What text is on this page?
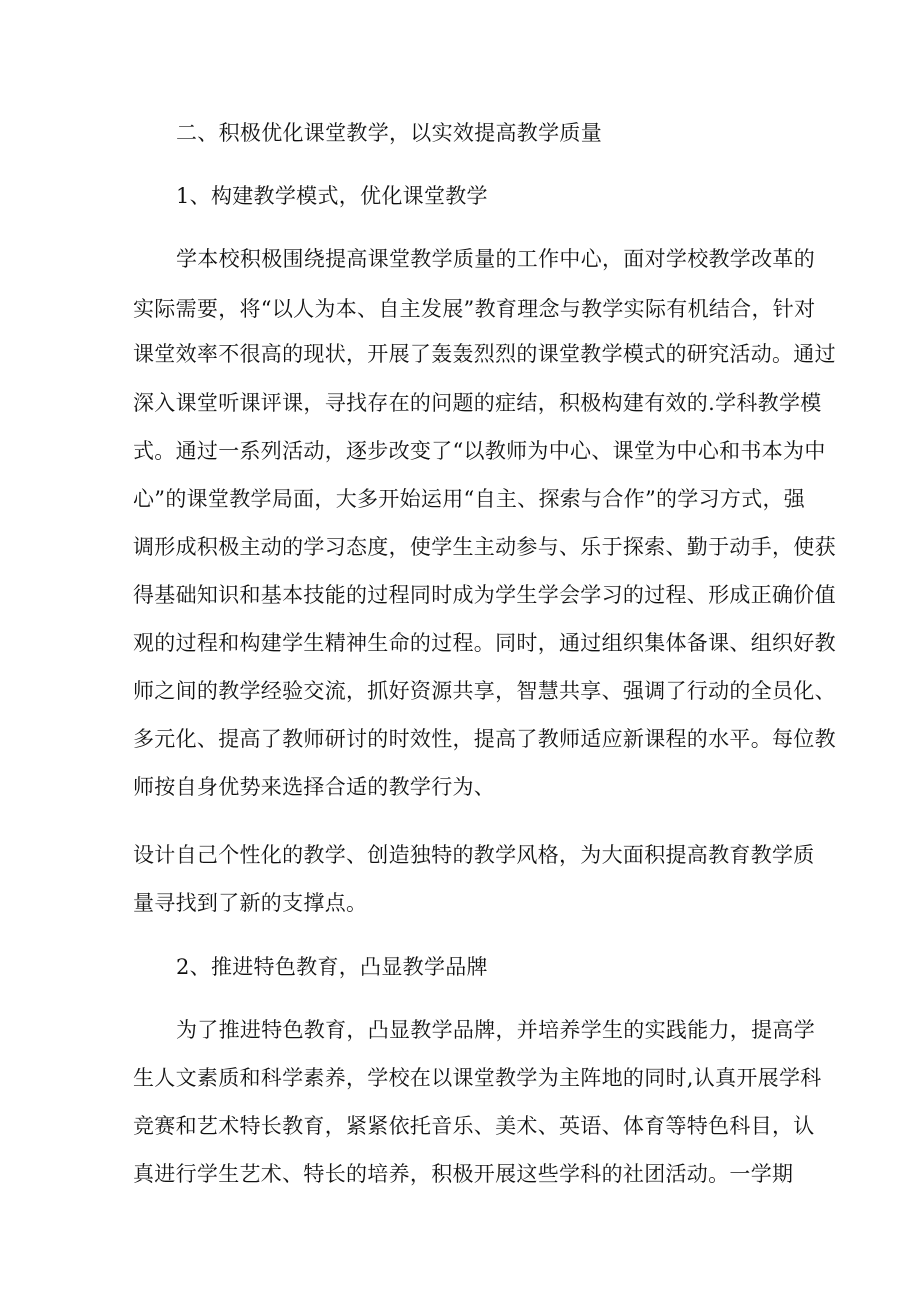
二、积极优化课堂教学，以实效提高教学质量
1、构建教学模式，优化课堂教学
学本校积极围绕提高课堂教学质量的工作中心，面对学校教学改革的
实际需要，将“以人为本、自主发展”教育理念与教学实际有机结合，针对
课堂效率不很高的现状，开展了轰轰烈烈的课堂教学模式的研究活动。通过
深入课堂听课评课，寻找存在的问题的症结，积极构建有效的.学科教学模
式。通过一系列活动，逐步改变了“以教师为中心、课堂为中心和书本为中
心”的课堂教学局面，大多开始运用“自主、探索与合作”的学习方式，强
调形成积极主动的学习态度，使学生主动参与、乐于探索、勤于动手，使获
得基础知识和基本技能的过程同时成为学生学会学习的过程、形成正确价值
观的过程和构建学生精神生命的过程。同时，通过组织集体备课、组织好教
师之间的教学经验交流，抓好资源共享，智慧共享、强调了行动的全员化、
多元化、提高了教师研讨的时效性，提高了教师适应新课程的水平。每位教
师按自身优势来选择合适的教学行为、
设计自己个性化的教学、创造独特的教学风格，为大面积提高教育教学质
量寻找到了新的支撑点。
2、推进特色教育，凸显教学品牌
为了推进特色教育，凸显教学品牌，并培养学生的实践能力，提高学
生人文素质和科学素养，学校在以课堂教学为主阵地的同时,认真开展学科
竞赛和艺术特长教育，紧紧依托音乐、美术、英语、体育等特色科目，认
真进行学生艺术、特长的培养，积极开展这些学科的社团活动。一学期
